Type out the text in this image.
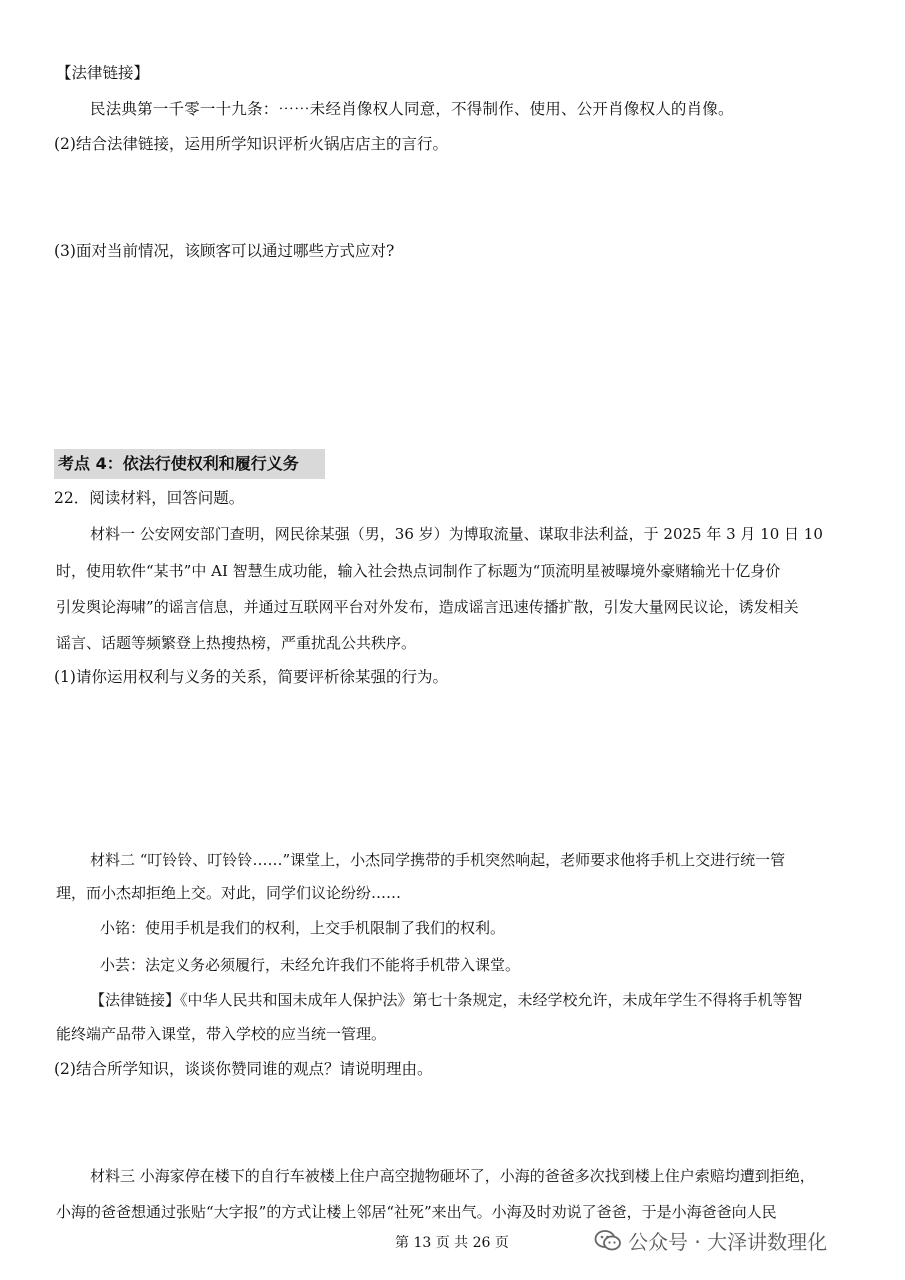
【法律链接】
民法典第一千零一十九条：⋯⋯未经肖像权人同意，不得制作、使用、公开肖像权人的肖像。
(2)结合法律链接，运用所学知识评析火锅店店主的言行。
(3)面对当前情况，该顾客可以通过哪些方式应对?
考点 4：依法行使权利和履行义务
22．阅读材料，回答问题。
材料一 公安网安部门查明，网民徐某强（男，36 岁）为博取流量、谋取非法利益，于 2025 年 3 月 10 日 10
时，使用软件“某书”中 AI 智慧生成功能，输入社会热点词制作了标题为“顶流明星被曝境外豪赌输光十亿身价
引发舆论海啸”的谣言信息，并通过互联网平台对外发布，造成谣言迅速传播扩散，引发大量网民议论，诱发相关
谣言、话题等频繁登上热搜热榜，严重扰乱公共秩序。
(1)请你运用权利与义务的关系，简要评析徐某强的行为。
材料二 “叮铃铃、叮铃铃……”课堂上，小杰同学携带的手机突然响起，老师要求他将手机上交进行统一管
理，而小杰却拒绝上交。对此，同学们议论纷纷……
小铭：使用手机是我们的权利，上交手机限制了我们的权利。
小芸：法定义务必须履行，未经允许我们不能将手机带入课堂。
【法律链接】《中华人民共和国未成年人保护法》第七十条规定，未经学校允许，未成年学生不得将手机等智
能终端产品带入课堂，带入学校的应当统一管理。
(2)结合所学知识，谈谈你赞同谁的观点？请说明理由。
材料三 小海家停在楼下的自行车被楼上住户高空抛物砸坏了，小海的爸爸多次找到楼上住户索赔均遭到拒绝，
小海的爸爸想通过张贴“大字报”的方式让楼上邻居“社死”来出气。小海及时劝说了爸爸，于是小海爸爸向人民
第 13 页 共 26 页	公众号 · 大泽讲数理化
